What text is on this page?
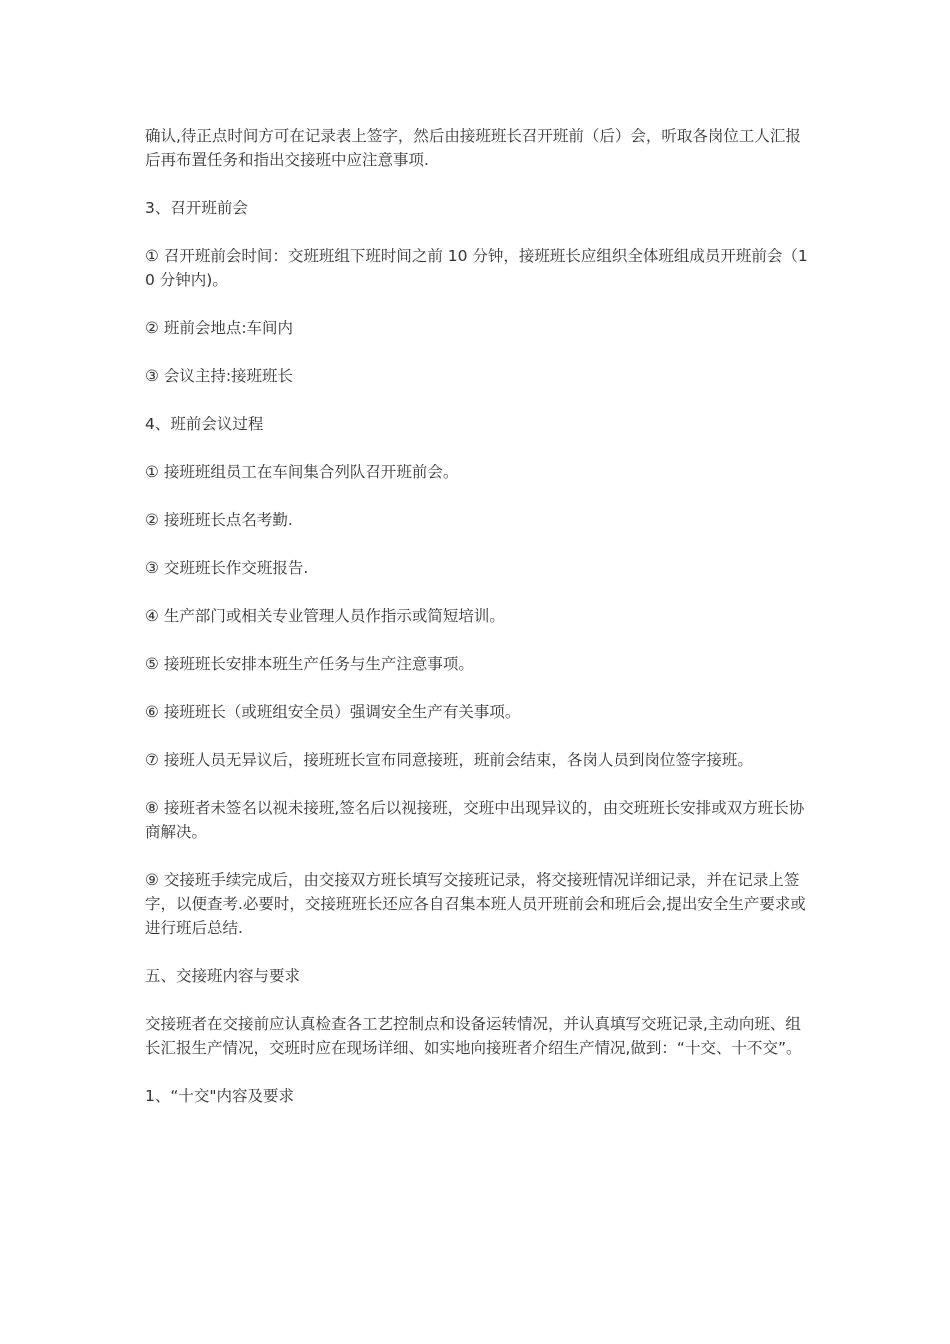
确认,待正点时间方可在记录表上签字，然后由接班班长召开班前（后）会，听取各岗位工人汇报后再布置任务和指出交接班中应注意事项.

3、召开班前会

① 召开班前会时间：交班班组下班时间之前 10 分钟，接班班长应组织全体班组成员开班前会（10 分钟内)。

② 班前会地点:车间内

③ 会议主持:接班班长

4、班前会议过程

① 接班班组员工在车间集合列队召开班前会。

② 接班班长点名考勤.

③ 交班班长作交班报告.

④ 生产部门或相关专业管理人员作指示或简短培训。

⑤ 接班班长安排本班生产任务与生产注意事项。

⑥ 接班班长（或班组安全员）强调安全生产有关事项。

⑦ 接班人员无异议后，接班班长宣布同意接班，班前会结束，各岗人员到岗位签字接班。

⑧ 接班者未签名以视未接班,签名后以视接班，交班中出现异议的，由交班班长安排或双方班长协商解决。

⑨ 交接班手续完成后，由交接双方班长填写交接班记录，将交接班情况详细记录，并在记录上签字，以便查考.必要时，交接班班长还应各自召集本班人员开班前会和班后会,提出安全生产要求或进行班后总结.

五、交接班内容与要求

交接班者在交接前应认真检查各工艺控制点和设备运转情况，并认真填写交班记录,主动向班、组长汇报生产情况，交班时应在现场详细、如实地向接班者介绍生产情况,做到：“十交、十不交”。

1、“十交"内容及要求
